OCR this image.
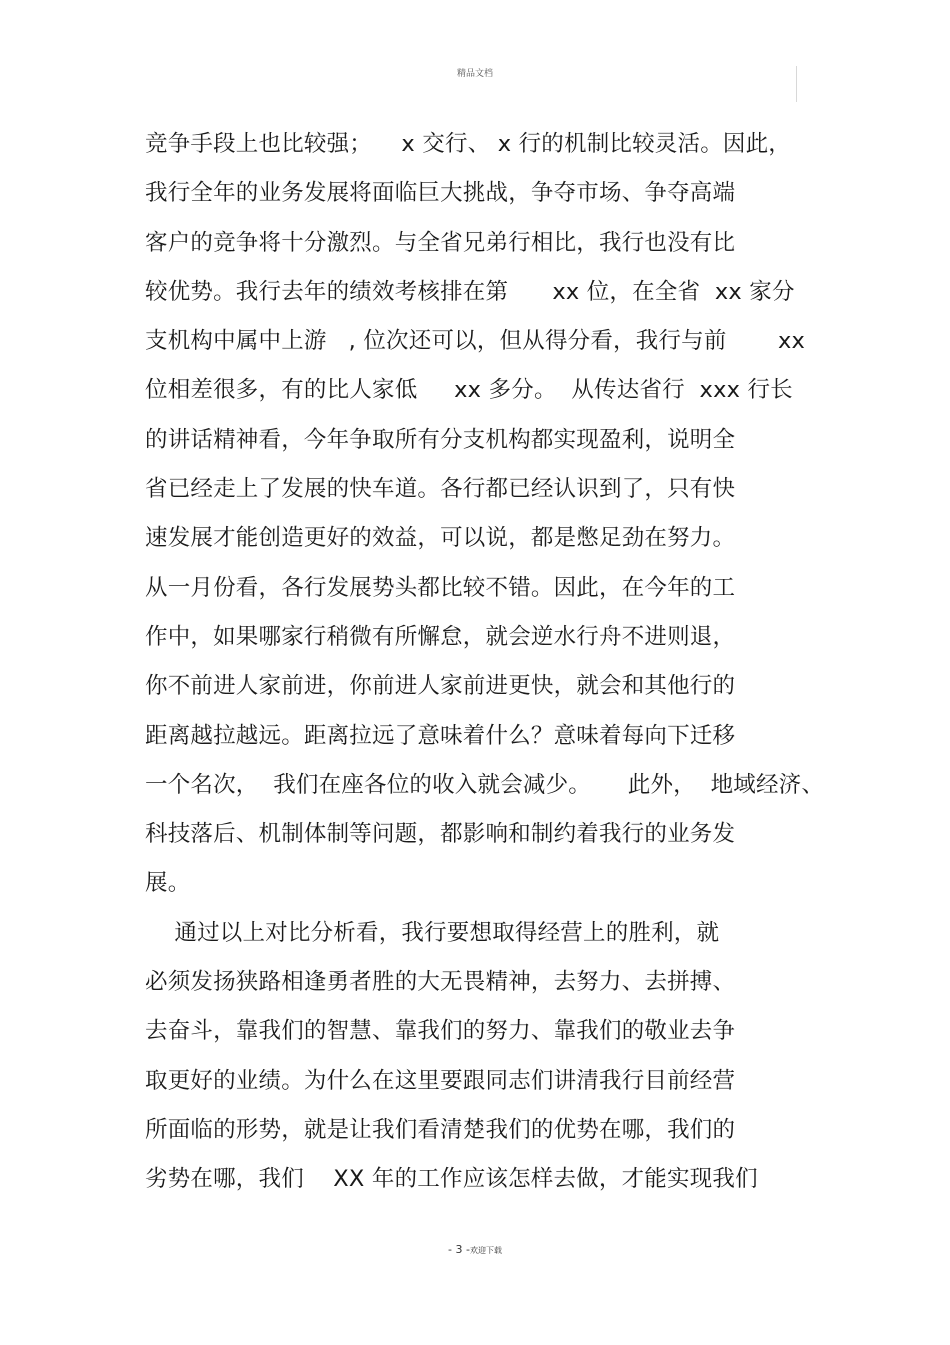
精品文档
竞争手段上也比较强；    x 交行、 x 行的机制比较灵活。因此，
我行全年的业务发展将面临巨大挑战，争夺市场、争夺高端
客户的竞争将十分激烈。与全省兄弟行相比，我行也没有比
较优势。我行去年的绩效考核排在第      xx 位，在全省  xx 家分
支机构中属中上游   , 位次还可以，但从得分看，我行与前       xx
位相差很多，有的比人家低     xx 多分。  从传达省行  xxx 行长
的讲话精神看，今年争取所有分支机构都实现盈利，说明全
省已经走上了发展的快车道。各行都已经认识到了，只有快
速发展才能创造更好的效益，可以说，都是憋足劲在努力。
从一月份看，各行发展势头都比较不错。因此，在今年的工
作中，如果哪家行稍微有所懈怠，就会逆水行舟不进则退，
你不前进人家前进，你前进人家前进更快，就会和其他行的
距离越拉越远。距离拉远了意味着什么？意味着每向下迁移
一个名次，  我们在座各位的收入就会减少。     此外，  地域经济、
科技落后、机制体制等问题，都影响和制约着我行的业务发
展。
通过以上对比分析看，我行要想取得经营上的胜利，就
必须发扬狭路相逢勇者胜的大无畏精神，去努力、去拼搏、
去奋斗，靠我们的智慧、靠我们的努力、靠我们的敬业去争
取更好的业绩。为什么在这里要跟同志们讲清我行目前经营
所面临的形势，就是让我们看清楚我们的优势在哪，我们的
劣势在哪，我们    XX 年的工作应该怎样去做，才能实现我们
- 3 -欢迎下载
